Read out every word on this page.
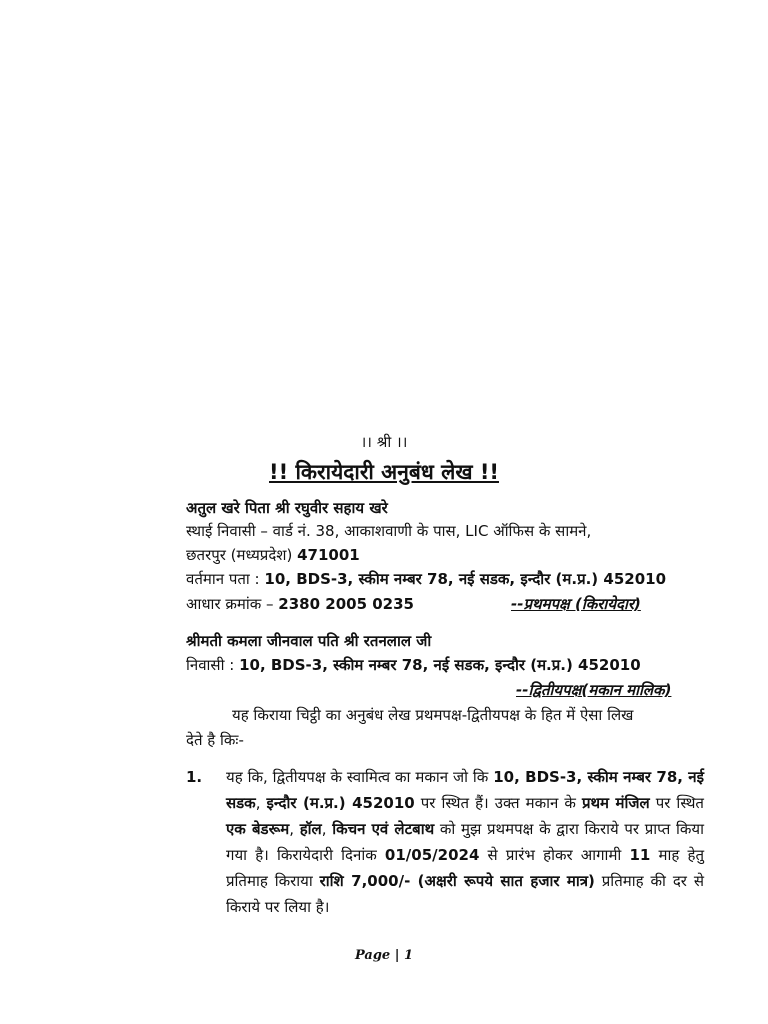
।। श्री ।।
!! किरायेदारी अनुबंध लेख !!
अतुल खरे पिता श्री रघुवीर सहाय खरे
स्थाई निवासी – वार्ड नं. 38, आकाशवाणी के पास, LIC ऑफिस के सामने,
छतरपुर (मध्यप्रदेश) 471001
वर्तमान पता : 10, BDS-3, स्कीम नम्बर 78, नई सडक, इन्दौर (म.प्र.) 452010
आधार क्रमांक – 2380 2005 0235	--प्रथमपक्ष (किरायेदार)
श्रीमती कमला जीनवाल पति श्री रतनलाल जी
निवासी : 10, BDS-3, स्कीम नम्बर 78, नई सडक, इन्दौर (म.प्र.) 452010
--द्वितीयपक्ष(मकान मालिक)
यह किराया चिट्ठी का अनुबंध लेख प्रथमपक्ष-द्वितीयपक्ष के हित में ऐसा लिख
देते है किः-
1. यह कि, द्वितीयपक्ष के स्वामित्व का मकान जो कि 10, BDS-3, स्कीम नम्बर 78, नई सडक, इन्दौर (म.प्र.) 452010 पर स्थित हैं। उक्त मकान के प्रथम मंजिल पर स्थित एक बेडरूम, हॉल, किचन एवं लेटबाथ को मुझ प्रथमपक्ष के द्वारा किराये पर प्राप्त किया गया है। किरायेदारी दिनांक 01/05/2024 से प्रारंभ होकर आगामी 11 माह हेतु प्रतिमाह किराया राशि 7,000/- (अक्षरी रूपये सात हजार मात्र) प्रतिमाह की दर से किराये पर लिया है।
Page | 1
